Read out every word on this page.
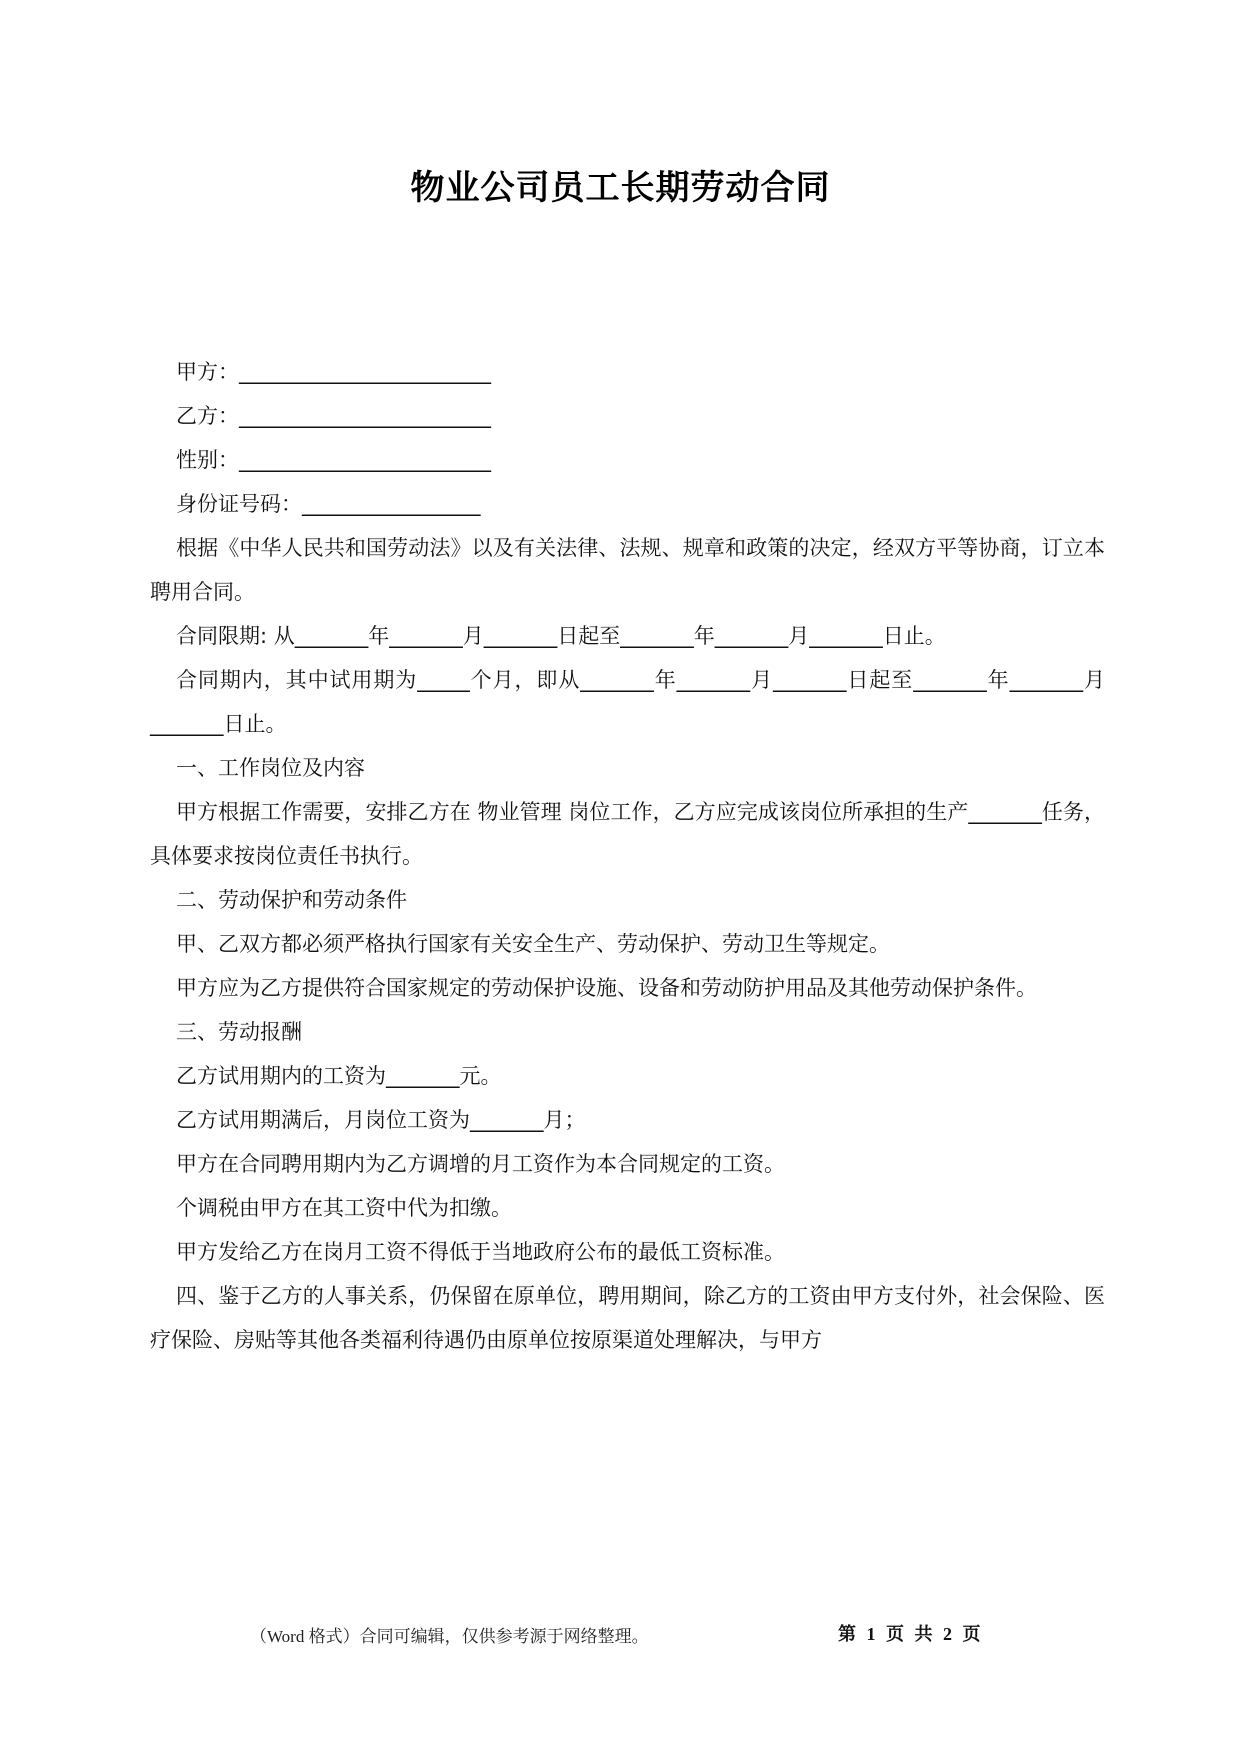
物业公司员工长期劳动合同
甲方：________________________
乙方：________________________
性别：________________________
身份证号码：_________________
根据《中华人民共和国劳动法》以及有关法律、法规、规章和政策的决定，经双方平等协商，订立本聘用合同。
合同限期: 从_______年_______月_______日起至_______年_______月_______日止。
合同期内，其中试用期为_____个月，即从_______年_______月_______日起至_______年_______月_______日止。
一、工作岗位及内容
甲方根据工作需要，安排乙方在 物业管理 岗位工作，乙方应完成该岗位所承担的生产_______任务，具体要求按岗位责任书执行。
二、劳动保护和劳动条件
甲、乙双方都必须严格执行国家有关安全生产、劳动保护、劳动卫生等规定。
甲方应为乙方提供符合国家规定的劳动保护设施、设备和劳动防护用品及其他劳动保护条件。
三、劳动报酬
乙方试用期内的工资为_______元。
乙方试用期满后，月岗位工资为_______月；
甲方在合同聘用期内为乙方调增的月工资作为本合同规定的工资。
个调税由甲方在其工资中代为扣缴。
甲方发给乙方在岗月工资不得低于当地政府公布的最低工资标准。
四、鉴于乙方的人事关系，仍保留在原单位，聘用期间，除乙方的工资由甲方支付外，社会保险、医疗保险、房贴等其他各类福利待遇仍由原单位按原渠道处理解决，与甲方
（Word 格式）合同可编辑，仅供参考源于网络整理。	第 1 页 共 2 页
